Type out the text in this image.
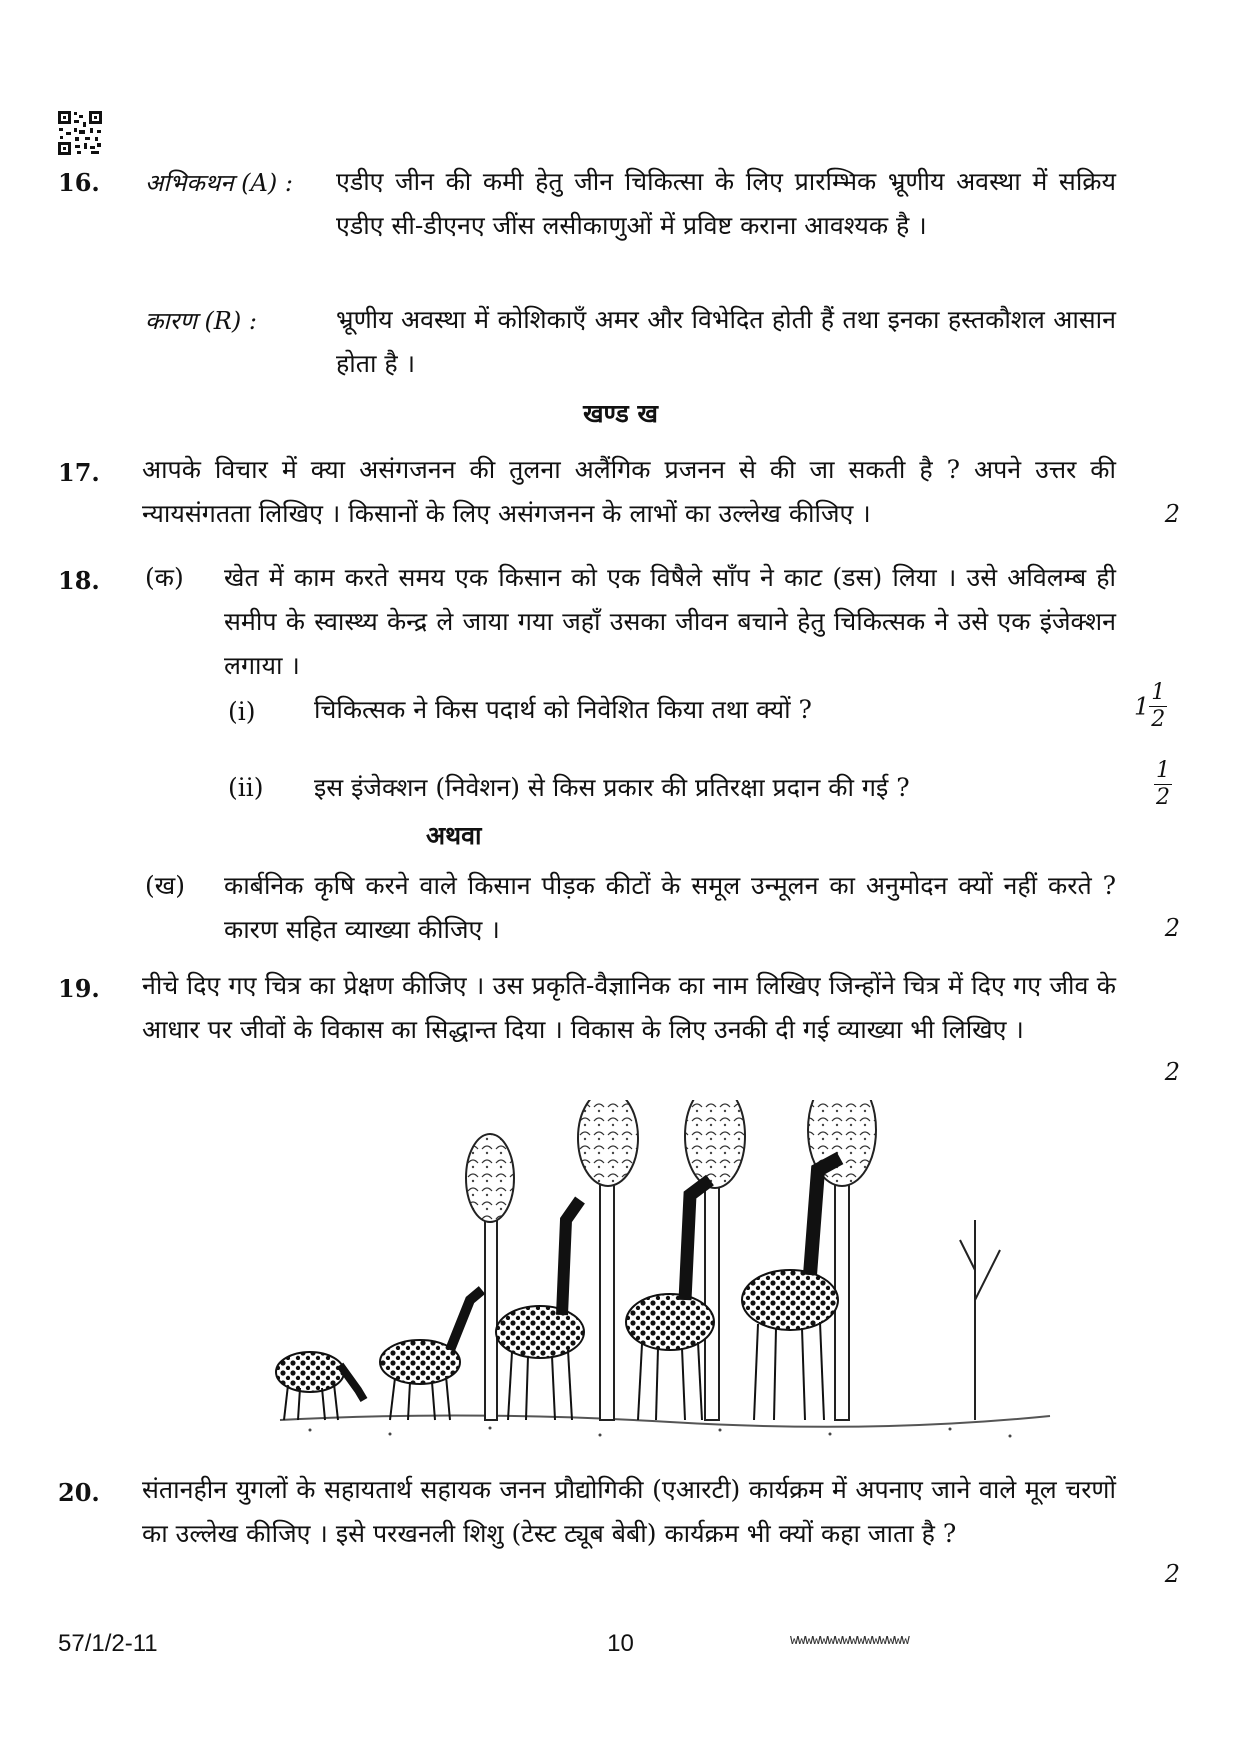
16. अभिकथन (A) : एडीए जीन की कमी हेतु जीन चिकित्सा के लिए प्रारम्भिक भ्रूणीय अवस्था में सक्रिय एडीए सी-डीएनए जींस लसीकाणुओं में प्रविष्ट कराना आवश्यक है ।
कारण (R) :	भ्रूणीय अवस्था में कोशिकाएँ अमर और विभेदित होती हैं तथा इनका हस्तकौशल आसान होता है ।
खण्ड ख
17. आपके विचार में क्या असंगजनन की तुलना अलैंगिक प्रजनन से की जा सकती है ? अपने उत्तर की न्यायसंगतता लिखिए । किसानों के लिए असंगजनन के लाभों का उल्लेख कीजिए ।	2
18. (क) खेत में काम करते समय एक किसान को एक विषैले साँप ने काट (डस) लिया । उसे अविलम्ब ही समीप के स्वास्थ्य केन्द्र ले जाया गया जहाँ उसका जीवन बचाने हेतु चिकित्सक ने उसे एक इंजेक्शन लगाया ।
(i) चिकित्सक ने किस पदार्थ को निवेशित किया तथा क्यों ?	$1 \frac{1}{2}$
(ii) इस इंजेक्शन (निवेशन) से किस प्रकार की प्रतिरक्षा प्रदान की गई ?	$\frac{1}{2}$
अथवा
(ख) कार्बनिक कृषि करने वाले किसान पीड़क कीटों के समूल उन्मूलन का अनुमोदन क्यों नहीं करते ? कारण सहित व्याख्या कीजिए ।	2
19. नीचे दिए गए चित्र का प्रेक्षण कीजिए । उस प्रकृति-वैज्ञानिक का नाम लिखिए जिन्होंने चित्र में दिए गए जीव के आधार पर जीवों के विकास का सिद्धान्त दिया । विकास के लिए उनकी दी गई व्याख्या भी लिखिए ।
2
20. संतानहीन युगलों के सहायतार्थ सहायक जनन प्रौद्योगिकी (एआरटी) कार्यक्रम में अपनाए जाने वाले मूल चरणों का उल्लेख कीजिए । इसे परखनली शिशु (टेस्ट ट्यूब बेबी) कार्यक्रम भी क्यों कहा जाता है ?
2
57/1/2-11	10	wwwwwwwwwwwwwwww
